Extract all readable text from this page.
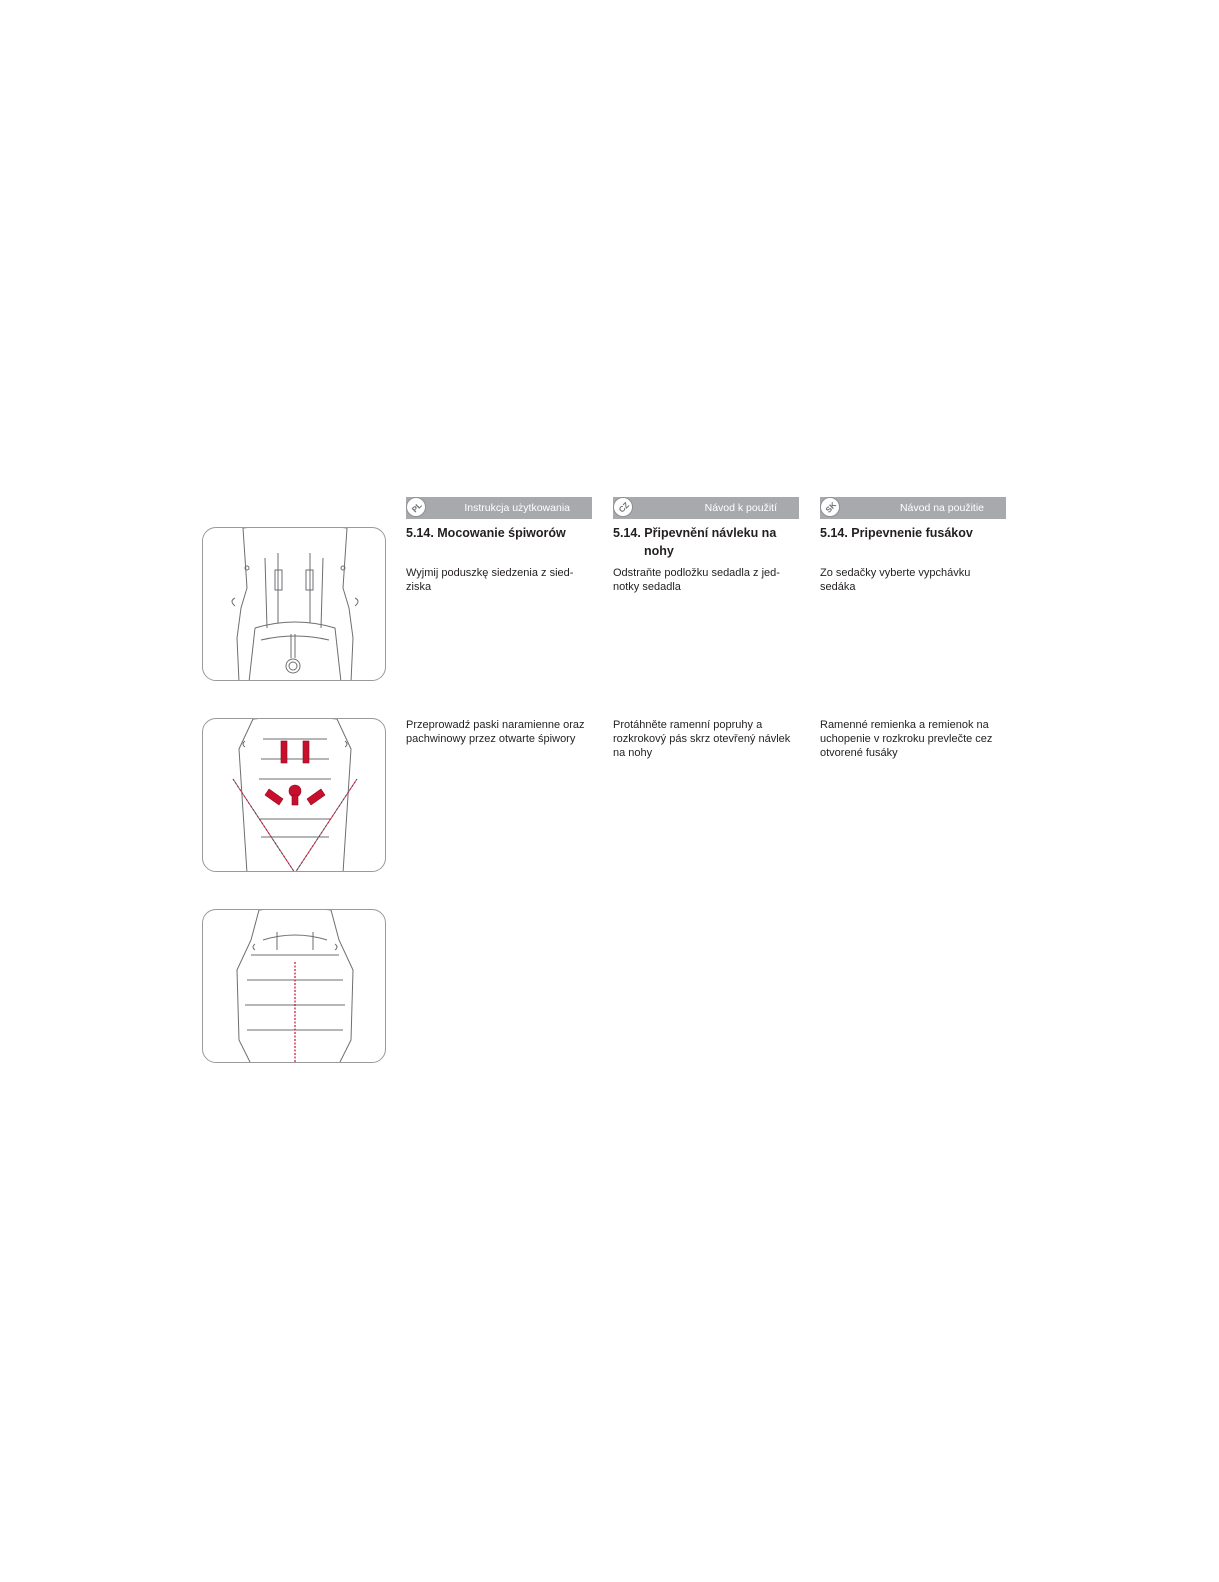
PL	Instrukcja użytkowania
5.14. Mocowanie śpiworów
Wyjmij poduszkę siedzenia z sied-
ziska
Przeprowadź paski naramienne oraz
pachwinowy przez otwarte śpiwory
CZ	Návod k použití
5.14. Připevnění návleku na
nohy
Odstraňte podložku sedadla z jed-
notky sedadla
Protáhněte ramenní popruhy a
rozkrokový pás skrz otevřený návlek
na nohy
SK	Návod na použitie
5.14. Pripevnenie fusákov
Zo sedačky vyberte vypchávku
sedáka
Ramenné remienka a remienok na
uchopenie v rozkroku prevlečte cez
otvorené fusáky
